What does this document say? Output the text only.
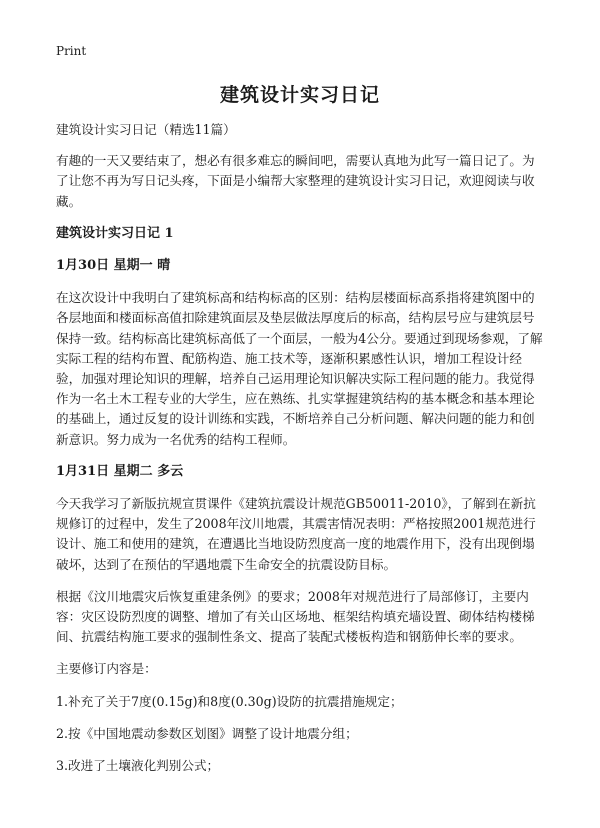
Print
建筑设计实习日记

建筑设计实习日记（精选11篇）

有趣的一天又要结束了，想必有很多难忘的瞬间吧，需要认真地为此写一篇日记了。为了让您不再为写日记头疼，下面是小编帮大家整理的建筑设计实习日记，欢迎阅读与收藏。

建筑设计实习日记 1

1月30日 星期一 晴

在这次设计中我明白了建筑标高和结构标高的区别：结构层楼面标高系指将建筑图中的各层地面和楼面标高值扣除建筑面层及垫层做法厚度后的标高，结构层号应与建筑层号保持一致。结构标高比建筑标高低了一个面层，一般为4公分。要通过到现场参观，了解实际工程的结构布置、配筋构造、施工技术等，逐渐积累感性认识，增加工程设计经验，加强对理论知识的理解，培养自己运用理论知识解决实际工程问题的能力。我觉得作为一名土木工程专业的大学生，应在熟练、扎实掌握建筑结构的基本概念和基本理论的基础上，通过反复的设计训练和实践，不断培养自己分析问题、解决问题的能力和创新意识。努力成为一名优秀的结构工程师。

1月31日 星期二 多云

今天我学习了新版抗规宣贯课件《建筑抗震设计规范GB50011-2010》，了解到在新抗规修订的过程中，发生了2008年汶川地震，其震害情况表明：严格按照2001规范进行设计、施工和使用的建筑，在遭遇比当地设防烈度高一度的地震作用下，没有出现倒塌破坏，达到了在预估的罕遇地震下生命安全的抗震设防目标。

根据《汶川地震灾后恢复重建条例》的要求；2008年对规范进行了局部修订，主要内容：灾区设防烈度的调整、增加了有关山区场地、框架结构填充墙设置、砌体结构楼梯间、抗震结构施工要求的强制性条文、提高了装配式楼板构造和钢筋伸长率的要求。

主要修订内容是：

1.补充了关于7度(0.15g)和8度(0.30g)设防的抗震措施规定；

2.按《中国地震动参数区划图》调整了设计地震分组；

3.改进了土壤液化判别公式；
